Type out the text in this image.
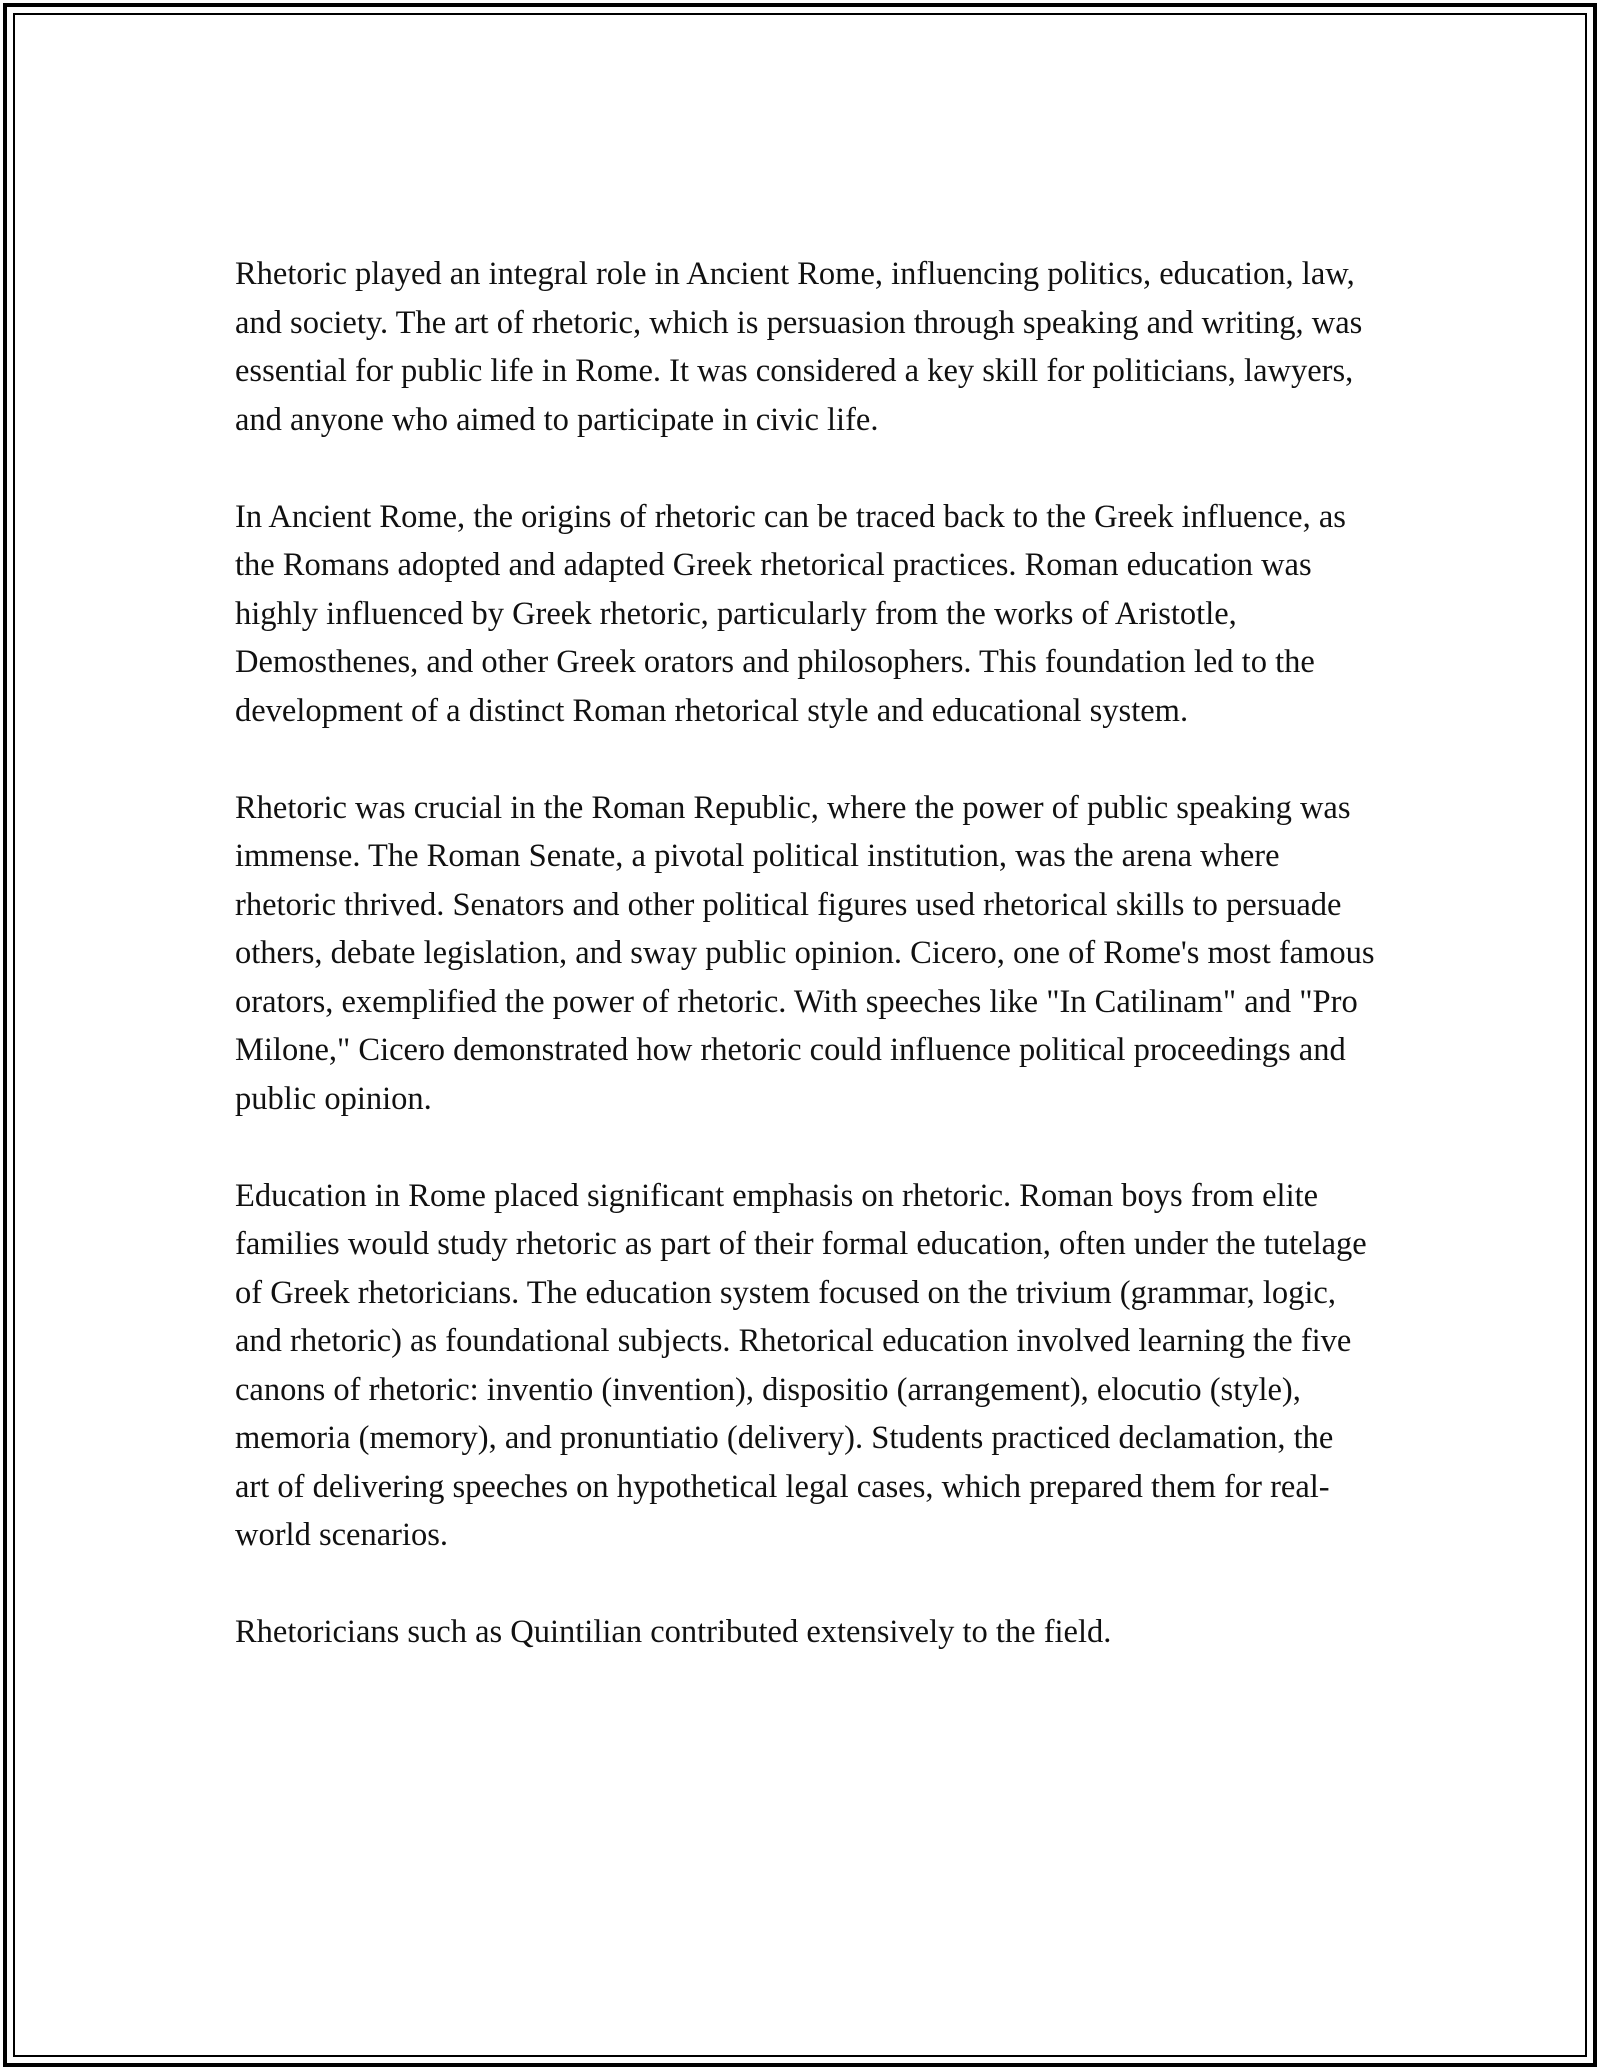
Rhetoric played an integral role in Ancient Rome, influencing politics, education, law, and society. The art of rhetoric, which is persuasion through speaking and writing, was essential for public life in Rome. It was considered a key skill for politicians, lawyers, and anyone who aimed to participate in civic life.

In Ancient Rome, the origins of rhetoric can be traced back to the Greek influence, as the Romans adopted and adapted Greek rhetorical practices. Roman education was highly influenced by Greek rhetoric, particularly from the works of Aristotle, Demosthenes, and other Greek orators and philosophers. This foundation led to the development of a distinct Roman rhetorical style and educational system.

Rhetoric was crucial in the Roman Republic, where the power of public speaking was immense. The Roman Senate, a pivotal political institution, was the arena where rhetoric thrived. Senators and other political figures used rhetorical skills to persuade others, debate legislation, and sway public opinion. Cicero, one of Rome's most famous orators, exemplified the power of rhetoric. With speeches like "In Catilinam" and "Pro Milone," Cicero demonstrated how rhetoric could influence political proceedings and public opinion.

Education in Rome placed significant emphasis on rhetoric. Roman boys from elite families would study rhetoric as part of their formal education, often under the tutelage of Greek rhetoricians. The education system focused on the trivium (grammar, logic, and rhetoric) as foundational subjects. Rhetorical education involved learning the five canons of rhetoric: inventio (invention), dispositio (arrangement), elocutio (style), memoria (memory), and pronuntiatio (delivery). Students practiced declamation, the art of delivering speeches on hypothetical legal cases, which prepared them for real-world scenarios.

Rhetoricians such as Quintilian contributed extensively to the field.
